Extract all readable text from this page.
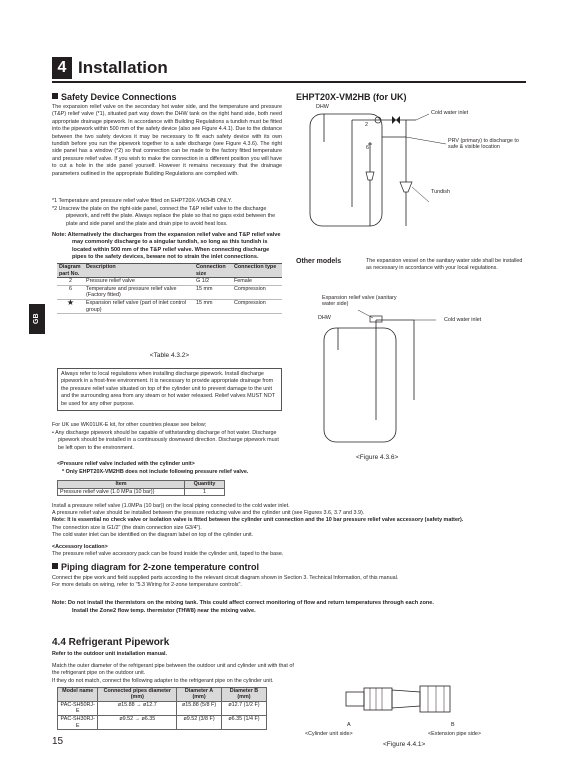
4 Installation
GB
Safety Device Connections
The expansion relief valve on the secondary hot water side, and the temperature and pressure (T&P) relief valve (*1), situated part way down the DHW tank on the right hand side, both need appropriate drainage pipework. In accordance with Building Regulations a tundish must be fitted into the pipework within 500 mm of the safety device (also see Figure 4.4.1). Due to the distance between the two safety devices it may be necessary to fit each safety device with its own tundish before you run the pipework together to a safe discharge (see Figure 4.3.6). The right side panel has a window (*2) so that connection can be made to the factory fitted temperature and pressure relief valve. If you wish to make the connection in a different position you will have to cut a hole in the side panel yourself. However it remains necessary that the drainage parameters outlined in the appropriate Building Regulations are complied with.
*1 Temperature and pressure relief valve fitted on EHPT20X-VM2HB ONLY.
*2 Unscrew the plate on the right-side panel, connect the T&P relief valve to the discharge pipework, and refit the plate. Always replace the plate so that no gaps exist between the plate and side panel and the plate and drain pipe to avoid heat loss.
Note: Alternatively the discharges from the expansion relief valve and T&P relief valve may commonly discharge to a singular tundish, so long as this tundish is located within 500 mm of the T&P relief valve. When connecting discharge pipes to the safety devices, beware not to strain the inlet connections.
Diagram part No.	Description	Connection size	Connection type
2	Pressure relief valve	G 1/2	Female
6	Temperature and pressure relief valve (Factory fitted)	15 mm	Compression
★	Expansion relief valve (part of inlet control group)	15 mm	Compression
<Table 4.3.2>
Always refer to local regulations when installing discharge pipework. Install discharge pipework in a frost-free environment. It is necessary to provide appropriate drainage from the pressure relief valve situated on top of the cylinder unit to prevent damage to the unit and the surrounding area from any steam or hot water released. Relief valves MUST NOT be used for any other purpose.
For UK use WK01UK-E kit, for other countries please see below;
• Any discharge pipework should be capable of withstanding discharge of hot water. Discharge pipework should be installed in a continuously downward direction. Discharge pipework must be left open to the environment.
<Pressure relief valve included with the cylinder unit>
* Only EHPT20X-VM2HB does not include following pressure relief valve.
Item	Quantity
Pressure relief valve (1.0 MPa (10 bar))	1
Install a pressure relief valve (1.0MPa (10 bar)) on the local piping connected to the cold water inlet.
A pressure relief valve should be installed between the pressure reducing valve and the cylinder unit (see Figures 3.6, 3.7 and 3.9).
Note: It is essential no check valve or isolation valve is fitted between the cylinder unit connection and the 10 bar pressure relief valve accessory (safety matter).
The connection size is G1/2" (the drain connection size G3/4").
The cold water inlet can be identified on the diagram label on top of the cylinder unit.
<Accessory location>
The pressure relief valve accessory pack can be found inside the cylinder unit, taped to the base.
Piping diagram for 2-zone temperature control
Connect the pipe work and field supplied parts according to the relevant circuit diagram shown in Section 3. Technical Information, of this manual.
For more details on wiring, refer to "5.3 Wiring for 2-zone temperature controls".
Note: Do not install the thermistors on the mixing tank. This could affect correct monitoring of flow and return temperatures through each zone.
Install the Zone2 flow temp. thermistor (THW8) near the mixing valve.
4.4 Refrigerant Pipework
Refer to the outdoor unit installation manual.
Match the outer diameter of the refrigerant pipe between the outdoor unit and cylinder unit with that of the refrigerant pipe on the outdoor unit.
If they do not match, connect the following adapter to the refrigerant pipe on the cylinder unit.
Model name	Connected pipes diameter (mm)	Diameter A (mm)	Diameter B (mm)
PAC-SH50RJ-E	ø15.88 → ø12.7	ø15.88 (5/8 F)	ø12.7 (1/2 F)
PAC-SH30RJ-E	ø9.52 → ø6.35	ø9.52 (3/8 F)	ø6.35 (1/4 F)
EHPT20X-VM2HB (for UK)
DHW
Cold water inlet
2
6
PRV (primary) to discharge to safe & visible location
Tundish
Other models	The expansion vessel on the sanitary water side shall be installed as necessary in accordance with your local regulations.
Expansion relief valve (sanitary water side)
DHW	Cold water inlet
<Figure 4.3.6>
A	B
<Cylinder unit side>	<Extension pipe side>
<Figure 4.4.1>
15
